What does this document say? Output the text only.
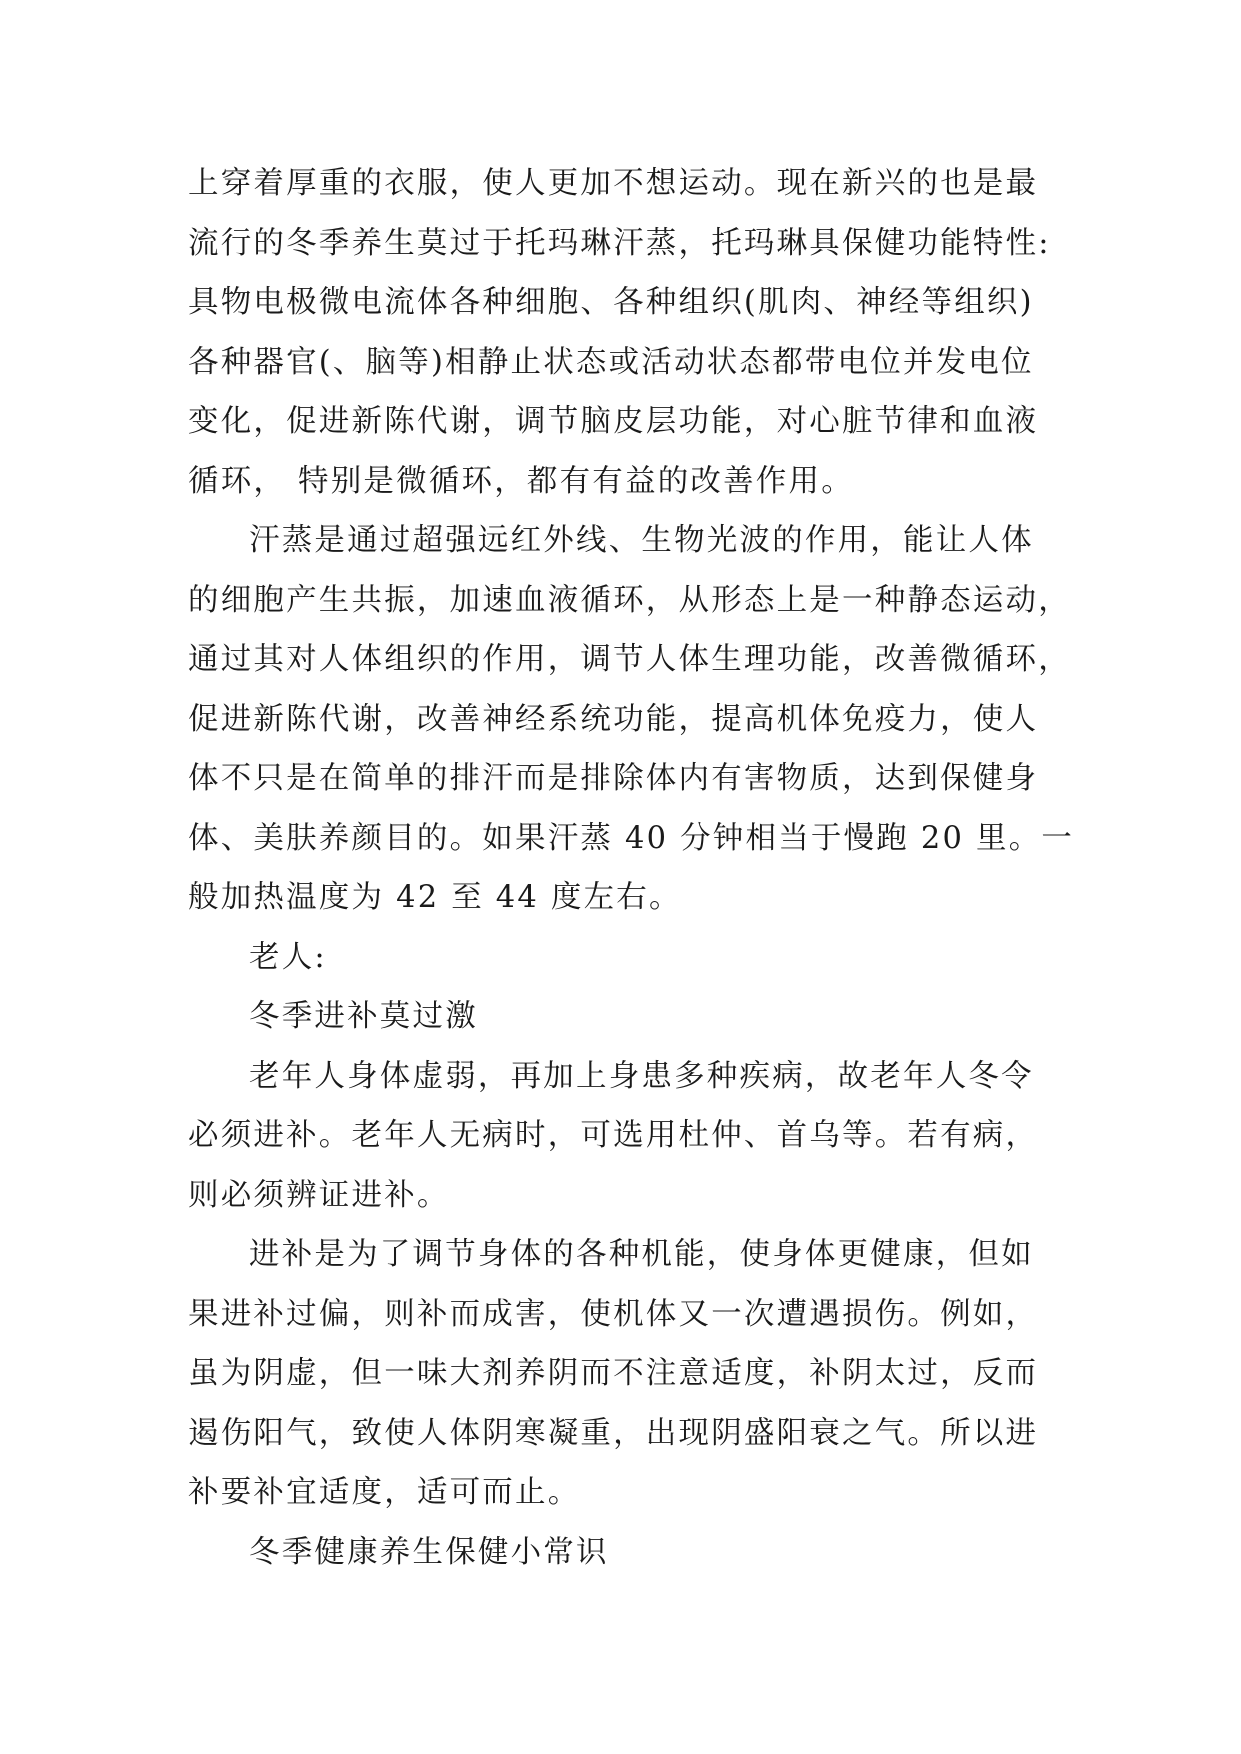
上穿着厚重的衣服，使人更加不想运动。现在新兴的也是最
流行的冬季养生莫过于托玛琳汗蒸，托玛琳具保健功能特性:
具物电极微电流体各种细胞、各种组织(肌肉、神经等组织)
各种器官(、脑等)相静止状态或活动状态都带电位并发电位
变化，促进新陈代谢，调节脑皮层功能，对心脏节律和血液
循环， 特别是微循环，都有有益的改善作用。

汗蒸是通过超强远红外线、生物光波的作用，能让人体
的细胞产生共振，加速血液循环，从形态上是一种静态运动，
通过其对人体组织的作用，调节人体生理功能，改善微循环，
促进新陈代谢，改善神经系统功能，提高机体免疫力，使人
体不只是在简单的排汗而是排除体内有害物质，达到保健身
体、美肤养颜目的。如果汗蒸 40 分钟相当于慢跑 20 里。一
般加热温度为 42 至 44 度左右。

老人:

冬季进补莫过激

老年人身体虚弱，再加上身患多种疾病，故老年人冬令
必须进补。老年人无病时，可选用杜仲、首乌等。若有病，
则必须辨证进补。

进补是为了调节身体的各种机能，使身体更健康，但如
果进补过偏，则补而成害，使机体又一次遭遇损伤。例如，
虽为阴虚，但一味大剂养阴而不注意适度，补阴太过，反而
遏伤阳气，致使人体阴寒凝重，出现阴盛阳衰之气。所以进
补要补宜适度，适可而止。

冬季健康养生保健小常识
